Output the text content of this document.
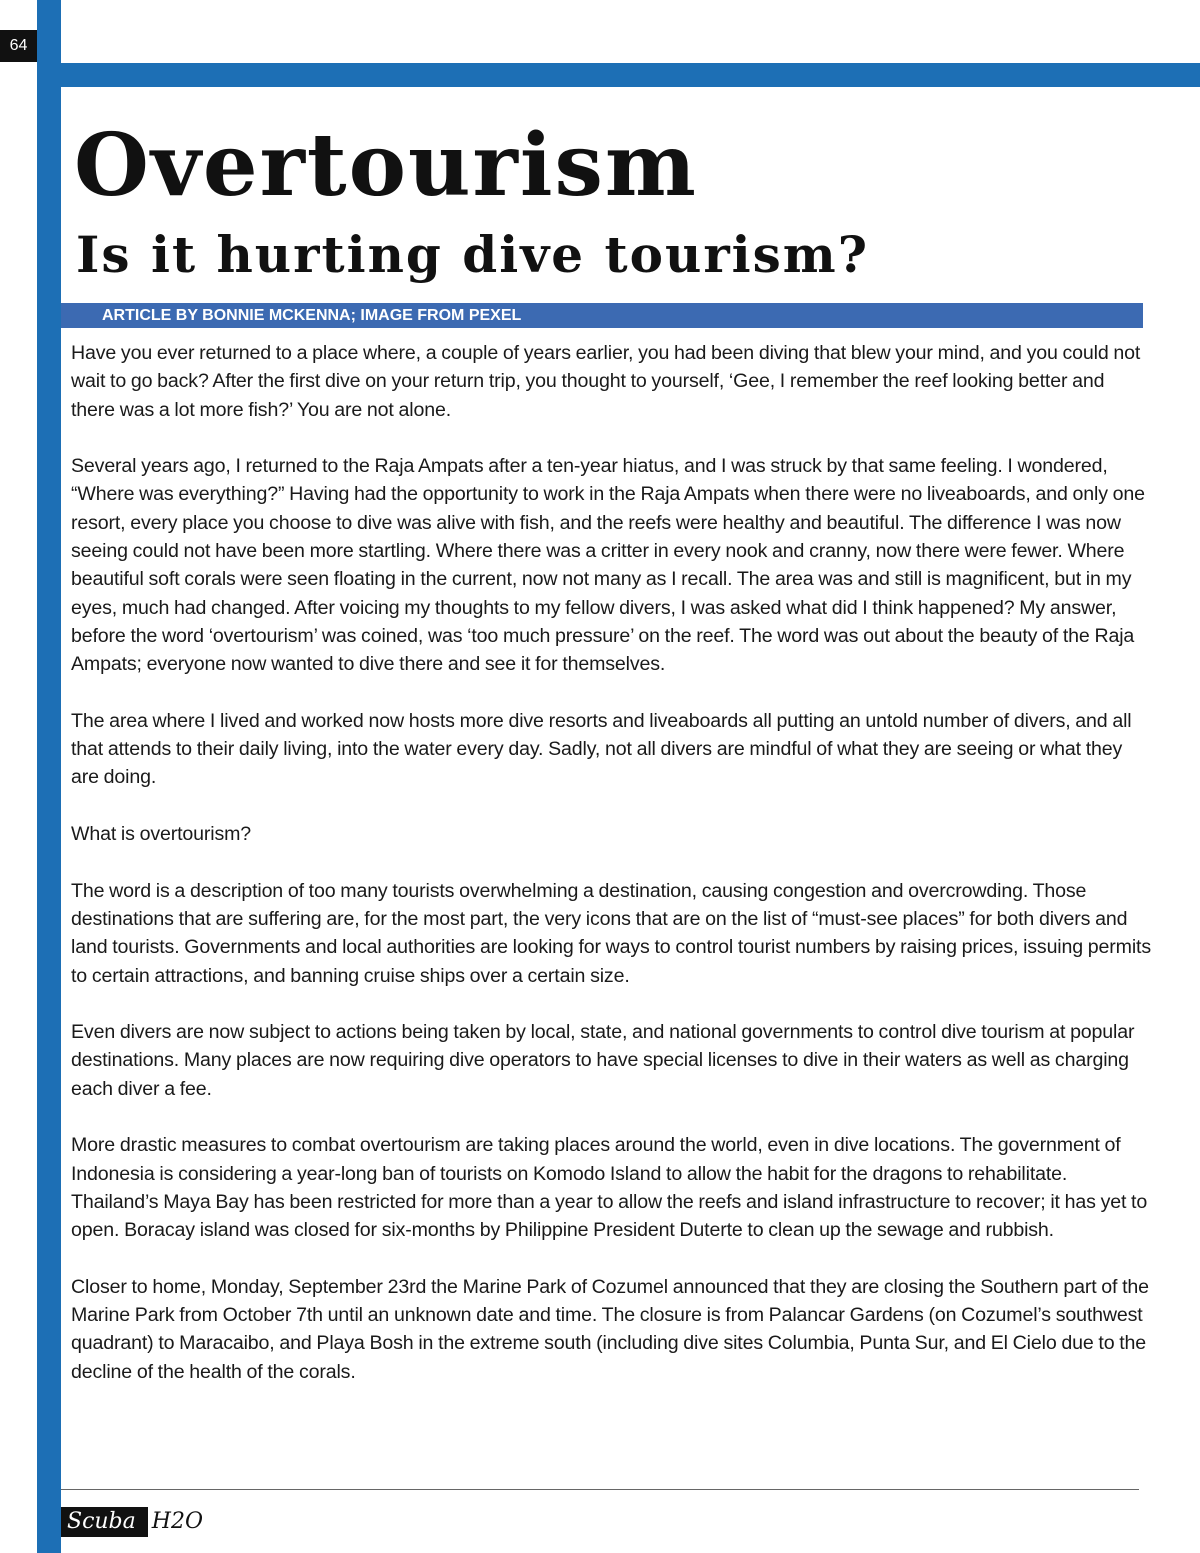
64
Overtourism
Is it hurting dive tourism?
ARTICLE BY BONNIE MCKENNA; IMAGE FROM PEXEL

Have you ever returned to a place where, a couple of years earlier, you had been diving that blew your mind, and you could not wait to go back? After the first dive on your return trip, you thought to yourself, ‘Gee, I remember the reef looking better and there was a lot more fish?’ You are not alone.

Several years ago, I returned to the Raja Ampats after a ten-year hiatus, and I was struck by that same feeling. I wondered, “Where was everything?” Having had the opportunity to work in the Raja Ampats when there were no liveaboards, and only one resort, every place you choose to dive was alive with fish, and the reefs were healthy and beautiful. The difference I was now seeing could not have been more startling. Where there was a critter in every nook and cranny, now there were fewer. Where beautiful soft corals were seen floating in the current, now not many as I recall. The area was and still is magnificent, but in my eyes, much had changed. After voicing my thoughts to my fellow divers, I was asked what did I think happened? My answer, before the word ‘overtourism’ was coined, was ‘too much pressure’ on the reef. The word was out about the beauty of the Raja Ampats; everyone now wanted to dive there and see it for themselves.

The area where I lived and worked now hosts more dive resorts and liveaboards all putting an untold number of divers, and all that attends to their daily living, into the water every day. Sadly, not all divers are mindful of what they are seeing or what they are doing.

What is overtourism?

The word is a description of too many tourists overwhelming a destination, causing congestion and overcrowding. Those destinations that are suffering are, for the most part, the very icons that are on the list of “must-see places” for both divers and land tourists. Governments and local authorities are looking for ways to control tourist numbers by raising prices, issuing permits to certain attractions, and banning cruise ships over a certain size.

Even divers are now subject to actions being taken by local, state, and national governments to control dive tourism at popular destinations. Many places are now requiring dive operators to have special licenses to dive in their waters as well as charging each diver a fee.

More drastic measures to combat overtourism are taking places around the world, even in dive locations. The government of Indonesia is considering a year-long ban of tourists on Komodo Island to allow the habit for the dragons to rehabilitate. Thailand’s Maya Bay has been restricted for more than a year to allow the reefs and island infrastructure to recover; it has yet to open. Boracay island was closed for six-months by Philippine President Duterte to clean up the sewage and rubbish.

Closer to home, Monday, September 23rd the Marine Park of Cozumel announced that they are closing the Southern part of the Marine Park from October 7th until an unknown date and time. The closure is from Palancar Gardens (on Cozumel’s southwest quadrant) to Maracaibo, and Playa Bosh in the extreme south (including dive sites Columbia, Punta Sur, and El Cielo due to the decline of the health of the corals.

Scuba H2O
